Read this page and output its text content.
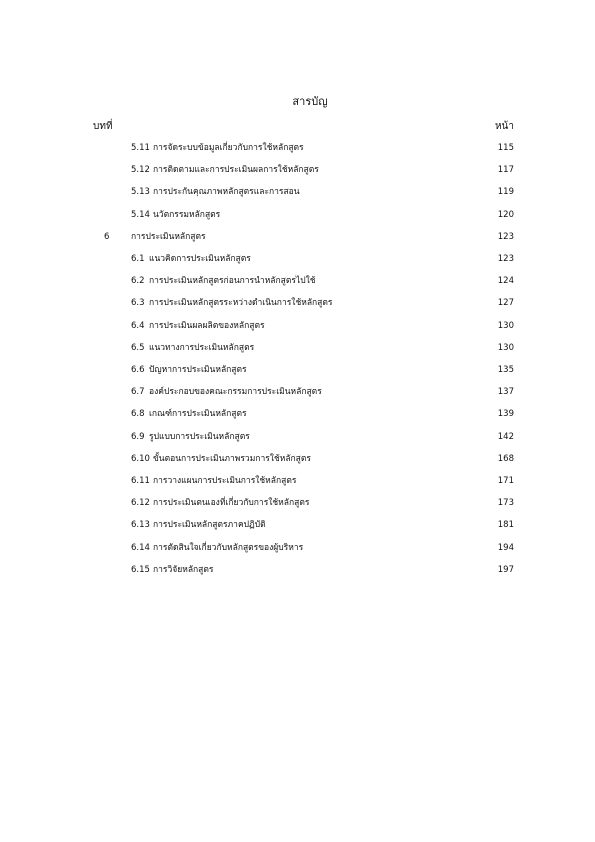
สารบัญ
บทที่	หน้า
5.11 การจัดระบบข้อมูลเกี่ยวกับการใช้หลักสูตร	115
5.12 การติดตามและการประเมินผลการใช้หลักสูตร	117
5.13 การประกันคุณภาพหลักสูตรและการสอน	119
5.14 นวัตกรรมหลักสูตร	120
6	การประเมินหลักสูตร	123
6.1 แนวคิดการประเมินหลักสูตร	123
6.2 การประเมินหลักสูตรก่อนการนำหลักสูตรไปใช้	124
6.3 การประเมินหลักสูตรระหว่างดำเนินการใช้หลักสูตร	127
6.4 การประเมินผลผลิตของหลักสูตร	130
6.5 แนวทางการประเมินหลักสูตร	130
6.6 ปัญหาการประเมินหลักสูตร	135
6.7 องค์ประกอบของคณะกรรมการประเมินหลักสูตร	137
6.8 เกณฑ์การประเมินหลักสูตร	139
6.9 รูปแบบการประเมินหลักสูตร	142
6.10 ขั้นตอนการประเมินภาพรวมการใช้หลักสูตร	168
6.11 การวางแผนการประเมินการใช้หลักสูตร	171
6.12 การประเมินตนเองที่เกี่ยวกับการใช้หลักสูตร	173
6.13 การประเมินหลักสูตรภาคปฏิบัติ	181
6.14 การตัดสินใจเกี่ยวกับหลักสูตรของผู้บริหาร	194
6.15 การวิจัยหลักสูตร	197
